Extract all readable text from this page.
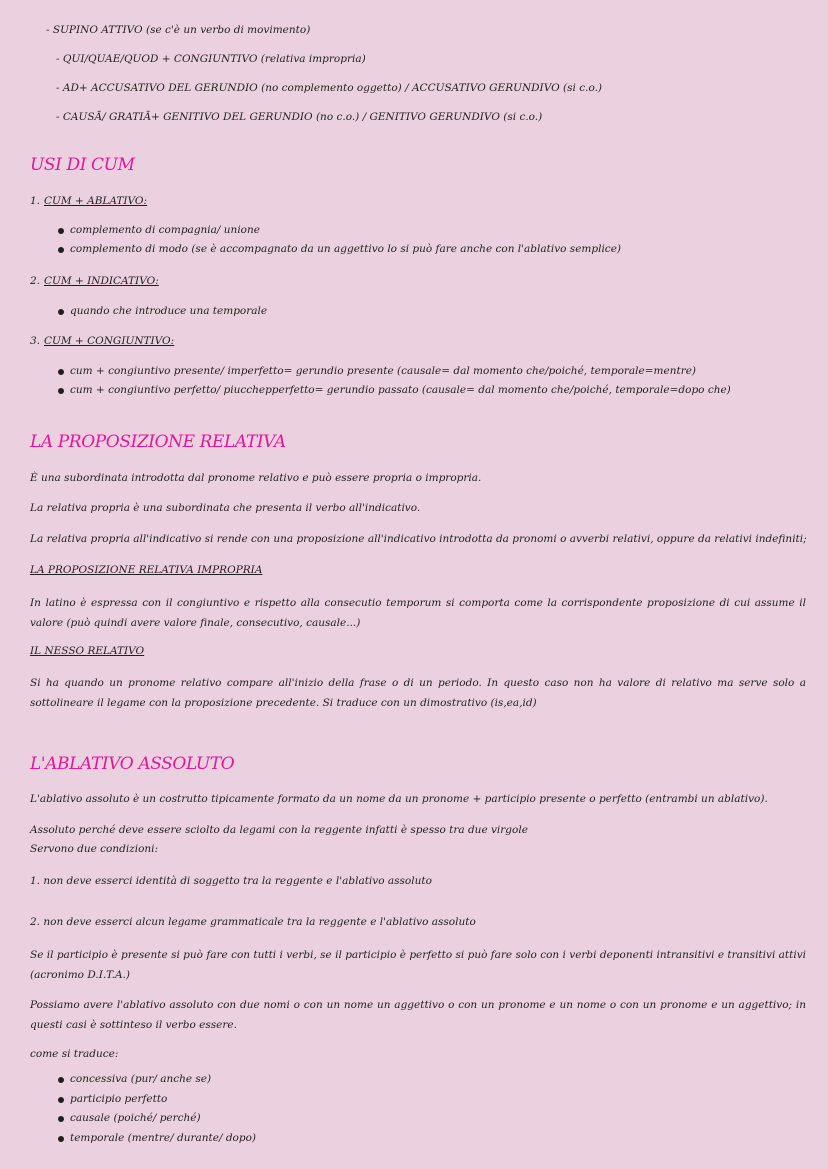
- SUPINO ATTIVO (se c'è un verbo di movimento)
- QUI/QUAE/QUOD + CONGIUNTIVO (relativa impropria)
- AD+ ACCUSATIVO DEL GERUNDIO (no complemento oggetto) / ACCUSATIVO GERUNDIVO (si c.o.)
- CAUSĀ/ GRATIĀ+ GENITIVO DEL GERUNDIO (no c.o.) / GENITIVO GERUNDIVO (si c.o.)
USI DI CUM
1. CUM + ABLATIVO:
complemento di compagnia/ unione
complemento di modo (se è accompagnato da un aggettivo lo si può fare anche con l'ablativo semplice)
2. CUM + INDICATIVO:
quando che introduce una temporale
3. CUM + CONGIUNTIVO:
cum + congiuntivo presente/ imperfetto= gerundio presente (causale= dal momento che/poiché, temporale=mentre)
cum + congiuntivo perfetto/ piucchepperfetto= gerundio passato (causale= dal momento che/poiché, temporale=dopo che)
LA PROPOSIZIONE RELATIVA
È una subordinata introdotta dal pronome relativo e può essere propria o impropria.
La relativa propria è una subordinata che presenta il verbo all'indicativo.
La relativa propria all'indicativo si rende con una proposizione all'indicativo introdotta da pronomi o avverbi relativi, oppure da relativi indefiniti;
LA PROPOSIZIONE RELATIVA IMPROPRIA
In latino è espressa con il congiuntivo e rispetto alla consecutio temporum si comporta come la corrispondente proposizione di cui assume il valore (può quindi avere valore finale, consecutivo, causale...)
IL NESSO RELATIVO
Si ha quando un pronome relativo compare all'inizio della frase o di un periodo. In questo caso non ha valore di relativo ma serve solo a sottolineare il legame con la proposizione precedente. Si traduce con un dimostrativo (is,ea,id)
L'ABLATIVO ASSOLUTO
L'ablativo assoluto è un costrutto tipicamente formato da un nome da un pronome + participio presente o perfetto (entrambi un ablativo).
Assoluto perché deve essere sciolto da legami con la reggente infatti è spesso tra due virgole
Servono due condizioni:
1. non deve esserci identità di soggetto tra la reggente e l'ablativo assoluto
2. non deve esserci alcun legame grammaticale tra la reggente e l'ablativo assoluto
Se il participio è presente si può fare con tutti i verbi, se il participio è perfetto si può fare solo con i verbi deponenti intransitivi e transitivi attivi (acronimo D.I.T.A.)
Possiamo avere l'ablativo assoluto con due nomi o con un nome un aggettivo o con un pronome e un nome o con un pronome e un aggettivo; in questi casi è sottinteso il verbo essere.
come si traduce:
concessiva (pur/ anche se)
participio perfetto
causale (poiché/ perché)
temporale (mentre/ durante/ dopo)
